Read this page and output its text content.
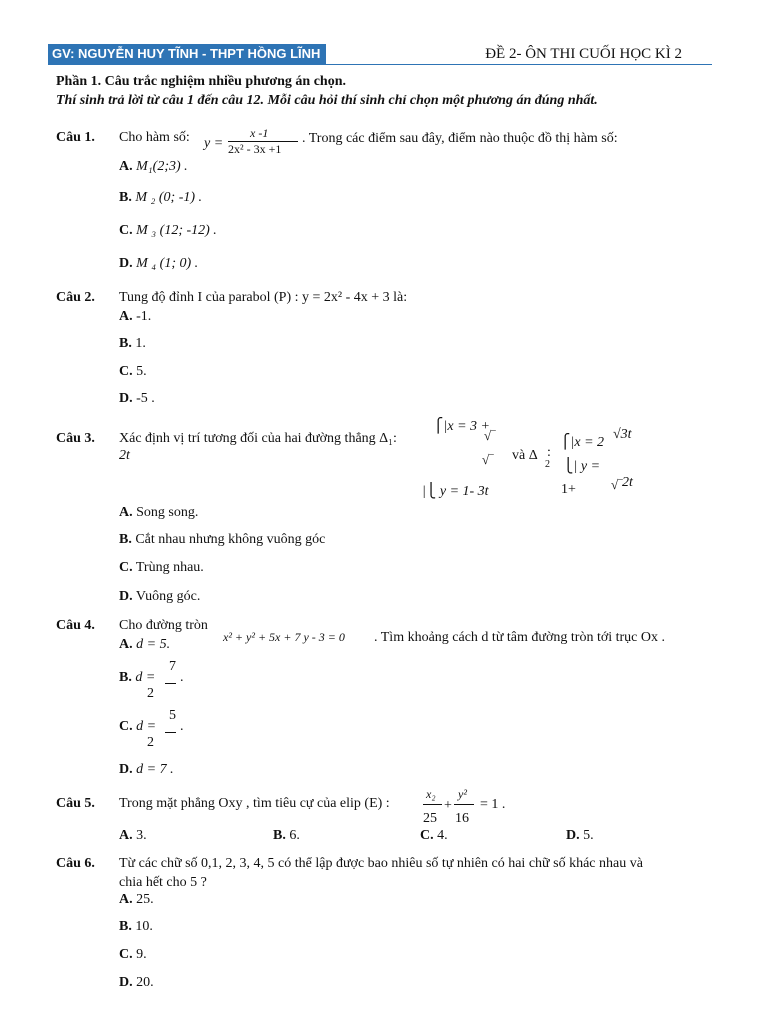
GV: NGUYỄN HUY TĨNH - THPT HỒNG LĨNH	ĐỀ 2- ÔN THI CUỐI HỌC KÌ 2
Phần 1. Câu trắc nghiệm nhiều phương án chọn.
Thí sinh trả lời từ câu 1 đến câu 12. Mỗi câu hỏi thí sinh chỉ chọn một phương án đúng nhất.
Câu 1. Cho hàm số: y =
x -1
2x² - 3x +1
. Trong các điểm sau đây, điểm nào thuộc đồ thị hàm số:
A. M₁(2;3) .
B. M ₂ (0; -1) .
C. M ₃ (12; -12) .
D. M ₄ (1; 0) .
Câu 2. Tung độ đỉnh I của parabol (P) : y = 2x² - 4x + 3 là:
A. -1.
B. 1.
C. 5.
D. -5 .
Câu 3. Xác định vị trí tương đối của hai đường thẳng Δ₁:
2t
⎧|x = 3 +
√‾
√‾
|⎩ y = 1- 3t
và Δ
2
:
⎧|x = 2
√3t
⎩| y =
1+	√‾ 2t
A. Song song.
B. Cắt nhau nhưng không vuông góc
C. Trùng nhau.
D. Vuông góc.
Câu 4. Cho đường tròn
x² + y² + 5x + 7 y - 3 = 0 . Tìm khoảng cách d từ tâm đường tròn tới trục Ox .
A. d = 5.
B. d =
7
2
.
C. d =
5
2
.
D. d = 7 .
Câu 5. Trong mặt phẳng Oxy , tìm tiêu cự của elip (E) :
x₂
25
+
y²
16
= 1 .
A. 3.	B. 6.	C. 4.	D. 5.
Câu 6. Từ các chữ số 0,1, 2, 3, 4, 5 có thể lập được bao nhiêu số tự nhiên có hai chữ số khác nhau và
chia hết cho 5 ?
A. 25.
B. 10.
C. 9.
D. 20.
